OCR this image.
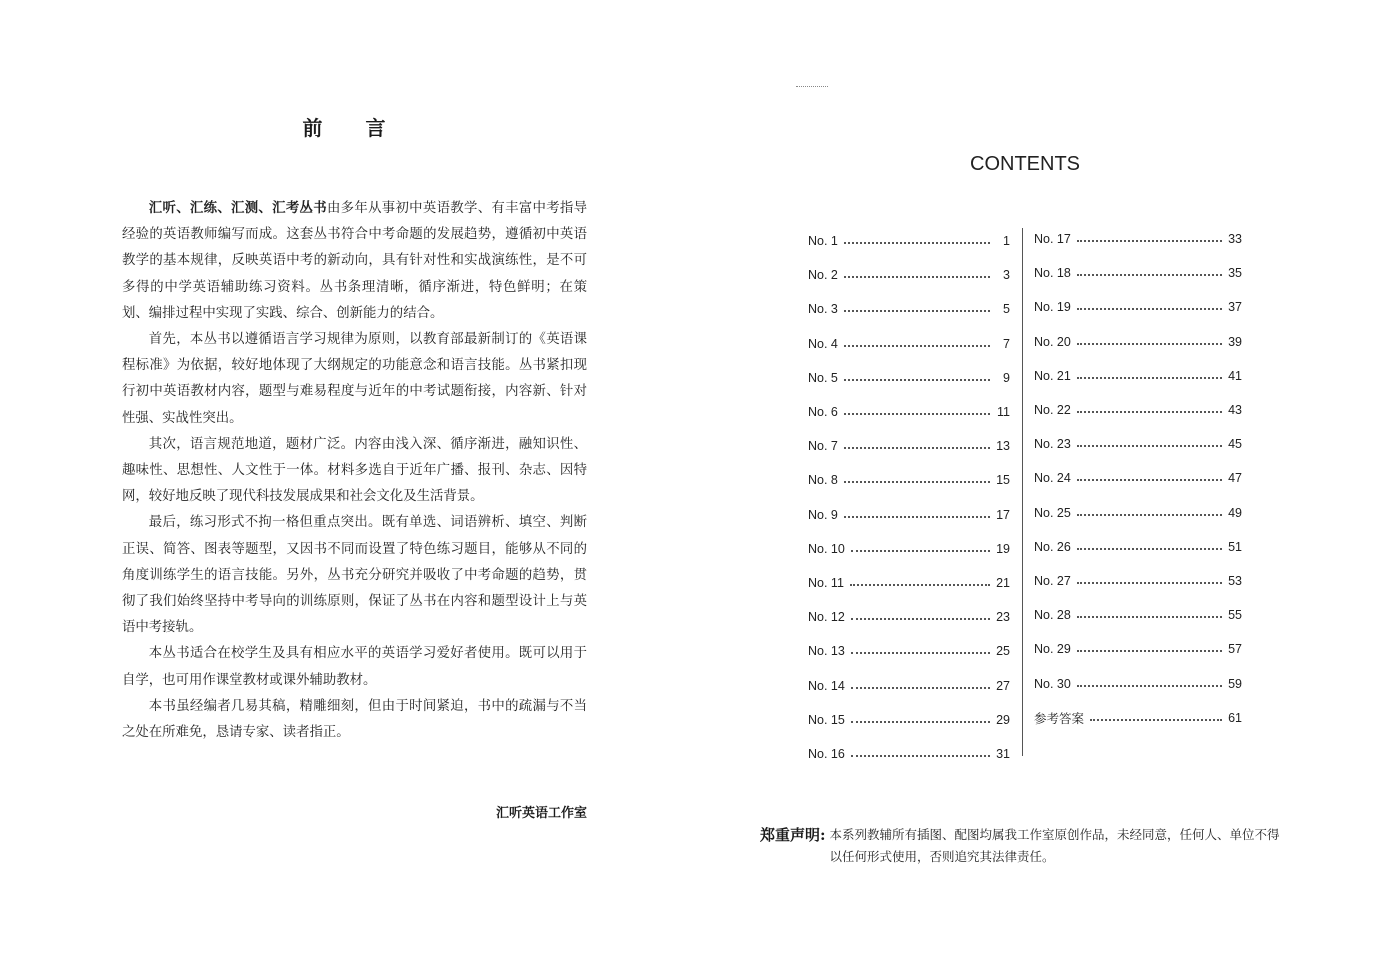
前 言

汇听、汇练、汇测、汇考丛书由多年从事初中英语教学、有丰富中考指导经验的英语教师编写而成。这套丛书符合中考命题的发展趋势，遵循初中英语教学的基本规律，反映英语中考的新动向，具有针对性和实战演练性，是不可多得的中学英语辅助练习资料。丛书条理清晰，循序渐进，特色鲜明；在策划、编排过程中实现了实践、综合、创新能力的结合。

首先，本丛书以遵循语言学习规律为原则，以教育部最新制订的《英语课程标准》为依据，较好地体现了大纲规定的功能意念和语言技能。丛书紧扣现行初中英语教材内容，题型与难易程度与近年的中考试题衔接，内容新、针对性强、实战性突出。

其次，语言规范地道，题材广泛。内容由浅入深、循序渐进，融知识性、趣味性、思想性、人文性于一体。材料多选自于近年广播、报刊、杂志、因特网，较好地反映了现代科技发展成果和社会文化及生活背景。

最后，练习形式不拘一格但重点突出。既有单选、词语辨析、填空、判断正误、简答、图表等题型，又因书不同而设置了特色练习题目，能够从不同的角度训练学生的语言技能。另外，丛书充分研究并吸收了中考命题的趋势，贯彻了我们始终坚持中考导向的训练原则，保证了丛书在内容和题型设计上与英语中考接轨。

本丛书适合在校学生及具有相应水平的英语学习爱好者使用。既可以用于自学，也可用作课堂教材或课外辅助教材。

本书虽经编者几易其稿，精雕细刻，但由于时间紧迫，书中的疏漏与不当之处在所难免，恳请专家、读者指正。

汇听英语工作室
CONTENTS
No. 1	1
No. 2	3
No. 3	5
No. 4	7
No. 5	9
No. 6	11
No. 7	13
No. 8	15
No. 9	17
No. 10	19
No. 11	21
No. 12	23
No. 13	25
No. 14	27
No. 15	29
No. 16	31
No. 17	33
No. 18	35
No. 19	37
No. 20	39
No. 21	41
No. 22	43
No. 23	45
No. 24	47
No. 25	49
No. 26	51
No. 27	53
No. 28	55
No. 29	57
No. 30	59
参考答案	61
郑重声明: 本系列教辅所有插图、配图均属我工作室原创作品，未经同意，任何人、单位不得以任何形式使用，否则追究其法律责任。
